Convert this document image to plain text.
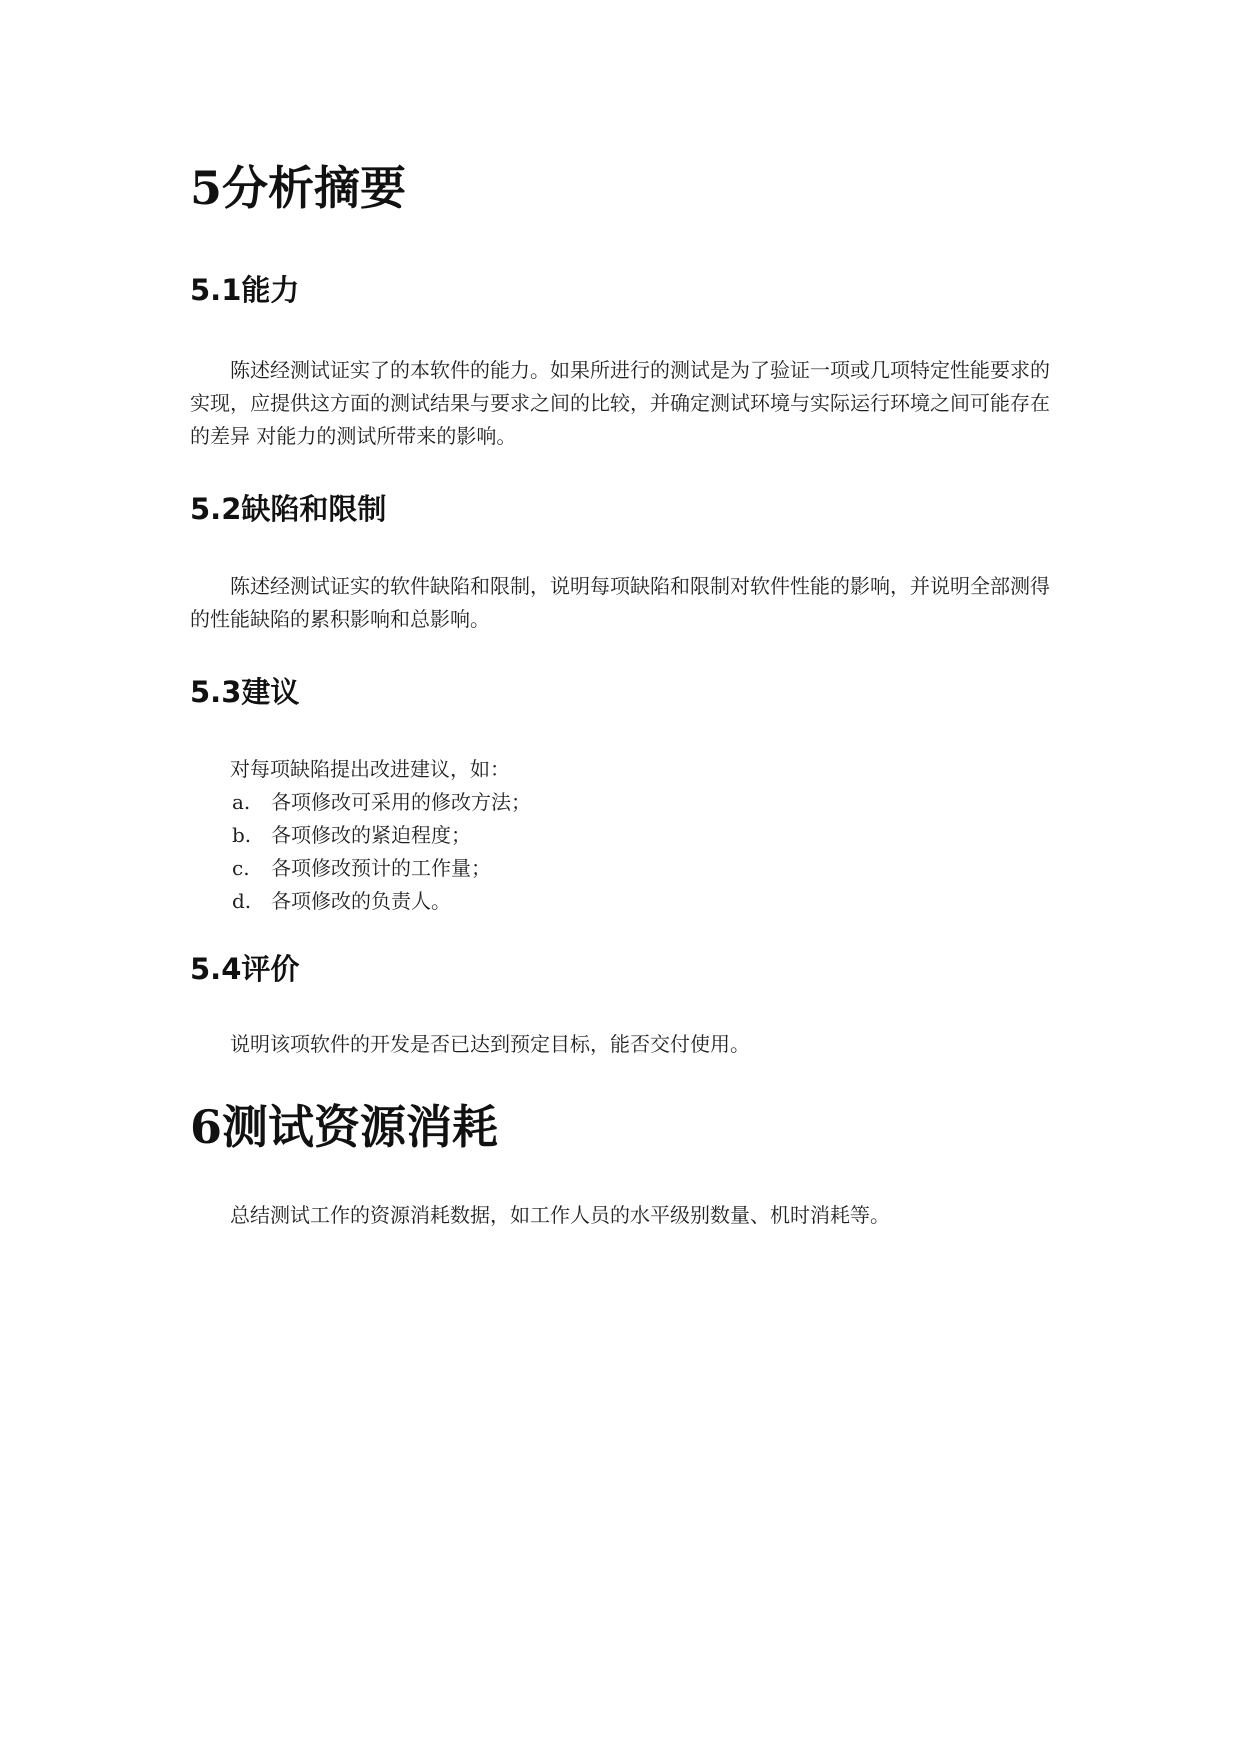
5分析摘要
5.1能力

陈述经测试证实了的本软件的能力。如果所进行的测试是为了验证一项或几项特定性能要求的实现，应提供这方面的测试结果与要求之间的比较，并确定测试环境与实际运行环境之间可能存在的差异 对能力的测试所带来的影响。

5.2缺陷和限制

陈述经测试证实的软件缺陷和限制，说明每项缺陷和限制对软件性能的影响，并说明全部测得的性能缺陷的累积影响和总影响。

5.3建议

对每项缺陷提出改进建议，如：

a. 各项修改可采用的修改方法；
b. 各项修改的紧迫程度；
c. 各项修改预计的工作量；
d. 各项修改的负责人。
5.4评价

说明该项软件的开发是否已达到预定目标，能否交付使用。

6测试资源消耗

总结测试工作的资源消耗数据，如工作人员的水平级别数量、机时消耗等。
